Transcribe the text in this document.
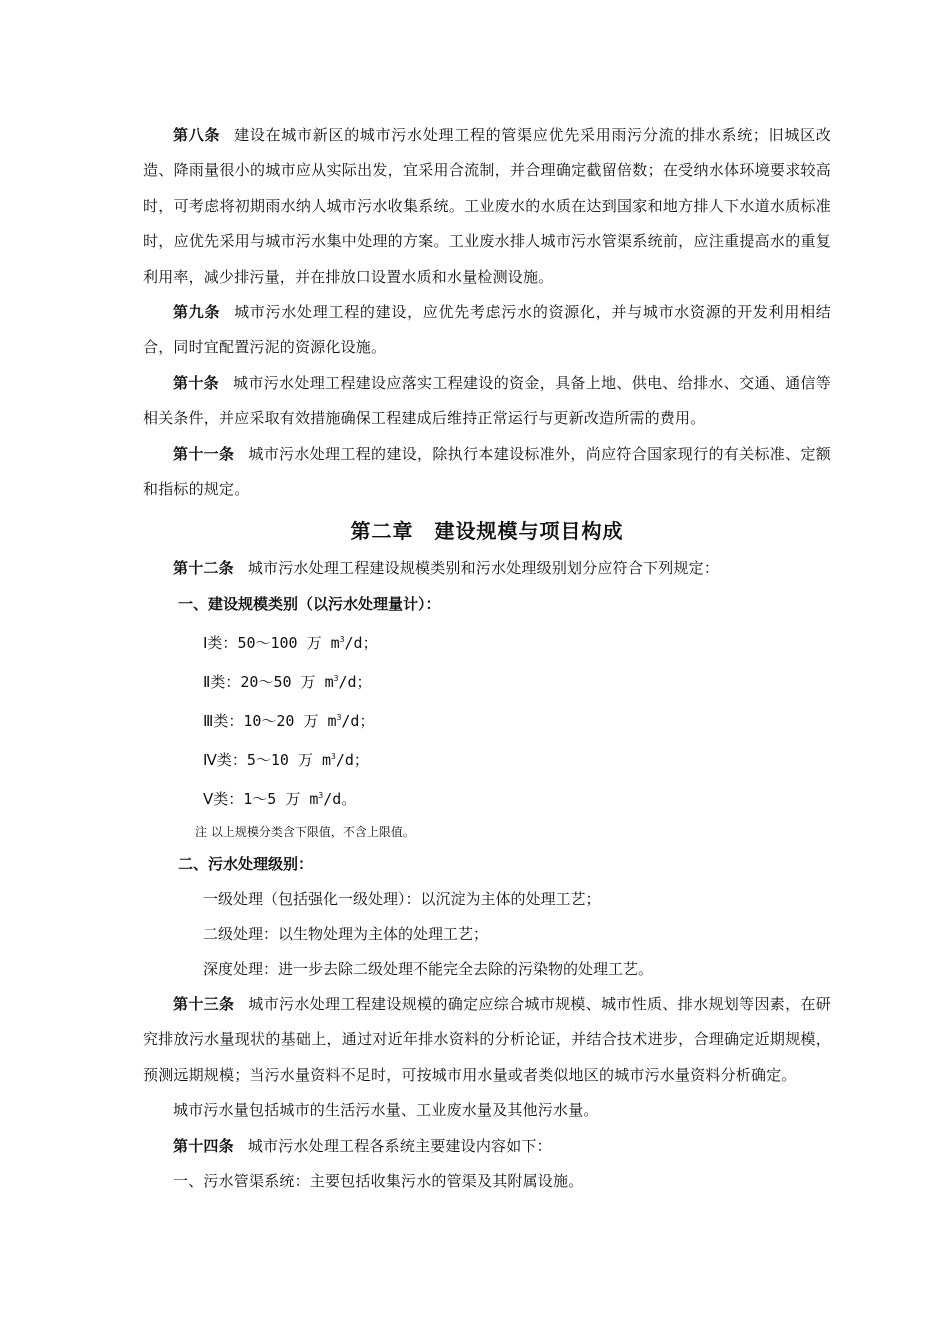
第八条 建设在城市新区的城市污水处理工程的管渠应优先采用雨污分流的排水系统；旧城区改造、降雨量很小的城市应从实际出发，宜采用合流制，并合理确定截留倍数；在受纳水体环境要求较高时，可考虑将初期雨水纳人城市污水收集系统。工业废水的水质在达到国家和地方排人下水道水质标准时，应优先采用与城市污水集中处理的方案。工业废水排人城市污水管渠系统前，应注重提高水的重复利用率，减少排污量，并在排放口设置水质和水量检测设施。

第九条 城市污水处理工程的建设，应优先考虑污水的资源化，并与城市水资源的开发利用相结合，同时宜配置污泥的资源化设施。

第十条 城市污水处理工程建设应落实工程建设的资金，具备上地、供电、给排水、交通、通信等相关条件，并应采取有效措施确保工程建成后维持正常运行与更新改造所需的费用。

第十一条 城市污水处理工程的建设，除执行本建设标准外，尚应符合国家现行的有关标准、定额和指标的规定。

第二章　建设规模与项目构成

第十二条 城市污水处理工程建设规模类别和污水处理级别划分应符合下列规定：

一、建设规模类别（以污水处理量计）：

Ⅰ类：50～100 万 $m^3/d$；

Ⅱ类：20～50 万 $m^3/d$；

Ⅲ类：10～20 万 $m^3/d$；

Ⅳ类：5～10 万 $m^3/d$；

Ⅴ类：1～5 万 $m^3/d$。

注 以上规模分类含下限值，不含上限值。

二、污水处理级别：

一级处理（包括强化一级处理）：以沉淀为主体的处理工艺；

二级处理：以生物处理为主体的处理工艺；

深度处理：进一步去除二级处理不能完全去除的污染物的处理工艺。

第十三条 城市污水处理工程建设规模的确定应综合城市规模、城市性质、排水规划等因素，在研究排放污水量现状的基础上，通过对近年排水资料的分析论证，并结合技术进步，合理确定近期规模，预测远期规模；当污水量资料不足时，可按城市用水量或者类似地区的城市污水量资料分析确定。

城市污水量包括城市的生活污水量、工业废水量及其他污水量。

第十四条 城市污水处理工程各系统主要建设内容如下：

一、污水管渠系统：主要包括收集污水的管渠及其附属设施。
